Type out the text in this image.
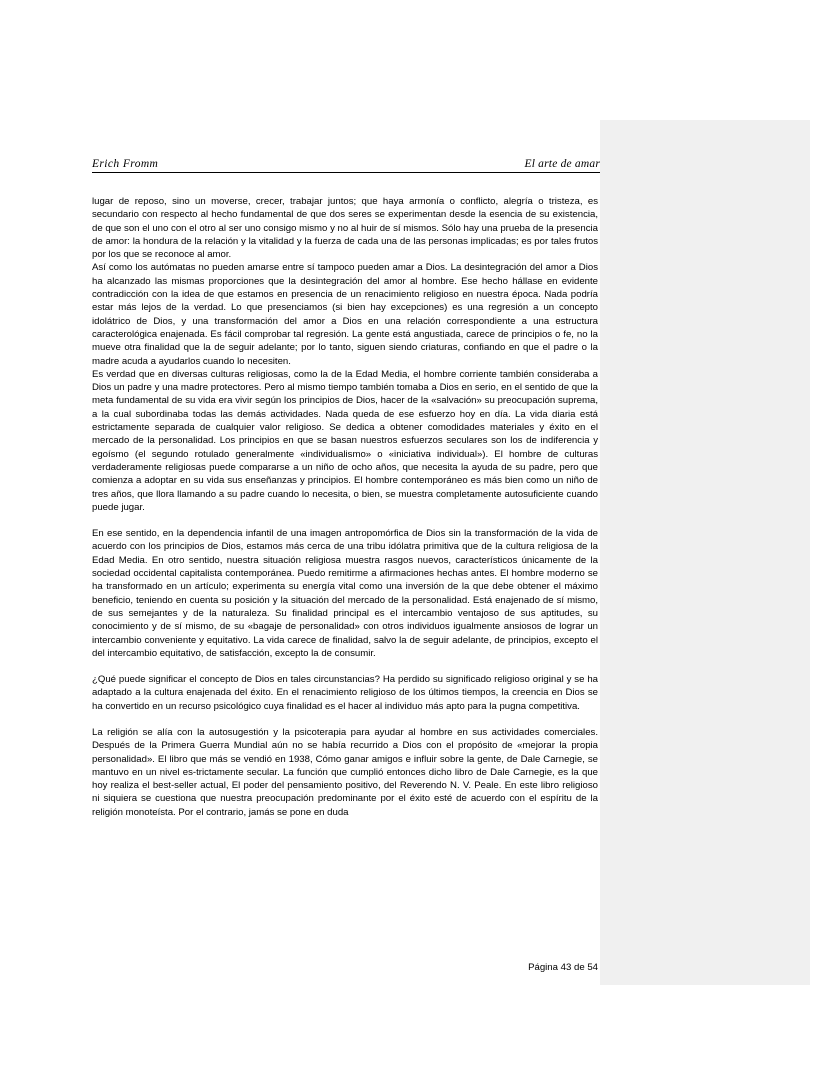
Erich Fromm	El arte de amar

lugar de reposo, sino un moverse, crecer, trabajar juntos; que haya armonía o conflicto, alegría o tristeza, es secundario con respecto al hecho fundamental de que dos seres se experimentan desde la esencia de su existencia, de que son el uno con el otro al ser uno consigo mismo y no al huir de sí mismos. Sólo hay una prueba de la presencia de amor: la hondura de la relación y la vitalidad y la fuerza de cada una de las personas implicadas; es por tales frutos por los que se reconoce al amor.

Así como los autómatas no pueden amarse entre sí tampoco pueden amar a Dios. La desintegración del amor a Dios ha alcanzado las mismas proporciones que la desintegración del amor al hombre. Ese hecho hállase en evidente contradicción con la idea de que estamos en presencia de un renacimiento religioso en nuestra época. Nada podría estar más lejos de la verdad. Lo que presenciamos (si bien hay excepciones) es una regresión a un concepto idolátrico de Dios, y una transformación del amor a Dios en una relación correspondiente a una estructura caracterológica enajenada. Es fácil comprobar tal regresión. La gente está angustiada, carece de principios o fe, no la mueve otra finalidad que la de seguir adelante; por lo tanto, siguen siendo criaturas, confiando en que el padre o la madre acuda a ayudarlos cuando lo necesiten.

Es verdad que en diversas culturas religiosas, como la de la Edad Media, el hombre corriente también consideraba a Dios un padre y una madre protectores. Pero al mismo tiempo también tomaba a Dios en serio, en el sentido de que la meta fundamental de su vida era vivir según los principios de Dios, hacer de la «salvación» su preocupación suprema, a la cual subordinaba todas las demás actividades. Nada queda de ese esfuerzo hoy en día. La vida diaria está estrictamente separada de cualquier valor religioso. Se dedica a obtener comodidades materiales y éxito en el mercado de la personalidad. Los principios en que se basan nuestros esfuerzos seculares son los de indiferencia y egoísmo (el segundo rotulado generalmente «individualismo» o «iniciativa individual»). El hombre de culturas verdaderamente religiosas puede compararse a un niño de ocho años, que necesita la ayuda de su padre, pero que comienza a adoptar en su vida sus enseñanzas y principios. El hombre contemporáneo es más bien como un niño de tres años, que llora llamando a su padre cuando lo necesita, o bien, se muestra completamente autosuficiente cuando puede jugar.

En ese sentido, en la dependencia infantil de una imagen antropomórfica de Dios sin la transformación de la vida de acuerdo con los principios de Dios, estamos más cerca de una tribu idólatra primitiva que de la cultura religiosa de la Edad Media. En otro sentido, nuestra situación religiosa muestra rasgos nuevos, característicos únicamente de la sociedad occidental capitalista contemporánea. Puedo remitirme a afirmaciones hechas antes. El hombre moderno se ha transformado en un artículo; experimenta su energía vital como una inversión de la que debe obtener el máximo beneficio, teniendo en cuenta su posición y la situación del mercado de la personalidad. Está enajenado de sí mismo, de sus semejantes y de la naturaleza. Su finalidad principal es el intercambio ventajoso de sus aptitudes, su conocimiento y de sí mismo, de su «bagaje de personalidad» con otros individuos igualmente ansiosos de lograr un intercambio conveniente y equitativo. La vida carece de finalidad, salvo la de seguir adelante, de principios, excepto el del intercambio equitativo, de satisfacción, excepto la de consumir.

¿Qué puede significar el concepto de Dios en tales circunstancias? Ha perdido su significado religioso original y se ha adaptado a la cultura enajenada del éxito. En el renacimiento religioso de los últimos tiempos, la creencia en Dios se ha convertido en un recurso psicológico cuya finalidad es el hacer al individuo más apto para la pugna competitiva.

La religión se alía con la autosugestión y la psicoterapia para ayudar al hombre en sus actividades comerciales. Después de la Primera Guerra Mundial aún no se había recurrido a Dios con el propósito de «mejorar la propia personalidad». El libro que más se vendió en 1938, Cómo ganar amigos e influir sobre la gente, de Dale Carnegie, se mantuvo en un nivel es-trictamente secular. La función que cumplió entonces dicho libro de Dale Carnegie, es la que hoy realiza el best-seller actual, El poder del pensamiento positivo, del Reverendo N. V. Peale. En este libro religioso ni siquiera se cuestiona que nuestra preocupación predominante por el éxito esté de acuerdo con el espíritu de la religión monoteísta. Por el contrario, jamás se pone en duda

Página 43 de 54
